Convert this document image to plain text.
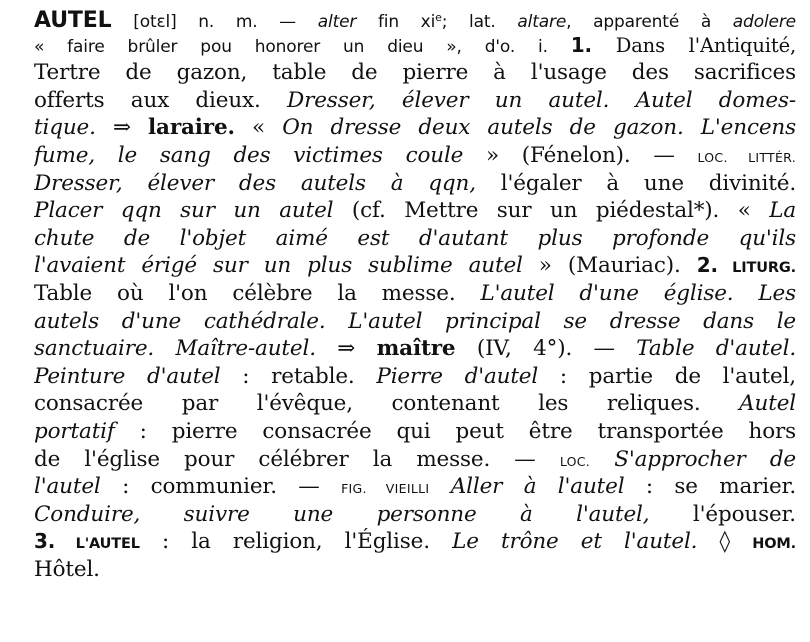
AUTEL [otɛl] n. m. — alter fin $xi^e$; lat. altare, apparenté à adolere
« faire brûler pou honorer un dieu », d'o. i. 1. Dans l'Antiquité,
Tertre de gazon, table de pierre à l'usage des sacrifices
offerts aux dieux. Dresser, élever un autel. Autel domes-
tique. ⇒ laraire. « On dresse deux autels de gazon. L'encens
fume, le sang des victimes coule » (Fénelon). — LOC. LITTÉR.
Dresser, élever des autels à qqn, l'égaler à une divinité.
Placer qqn sur un autel (cf. Mettre sur un piédestal*). « La
chute de l'objet aimé est d'autant plus profonde qu'ils
l'avaient érigé sur un plus sublime autel » (Mauriac). 2. LITURG.
Table où l'on célèbre la messe. L'autel d'une église. Les
autels d'une cathédrale. L'autel principal se dresse dans le
sanctuaire. Maître-autel. ⇒ maître (IV, 4°). — Table d'autel.
Peinture d'autel : retable. Pierre d'autel : partie de l'autel,
consacrée par l'évêque, contenant les reliques. Autel
portatif : pierre consacrée qui peut être transportée hors
de l'église pour célébrer la messe. — LOC. S'approcher de
l'autel : communier. — FIG. VIEILLI Aller à l'autel : se marier.
Conduire, suivre une personne à l'autel, l'épouser.
3. L'AUTEL : la religion, l'Église. Le trône et l'autel. ◊ HOM.
Hôtel.
